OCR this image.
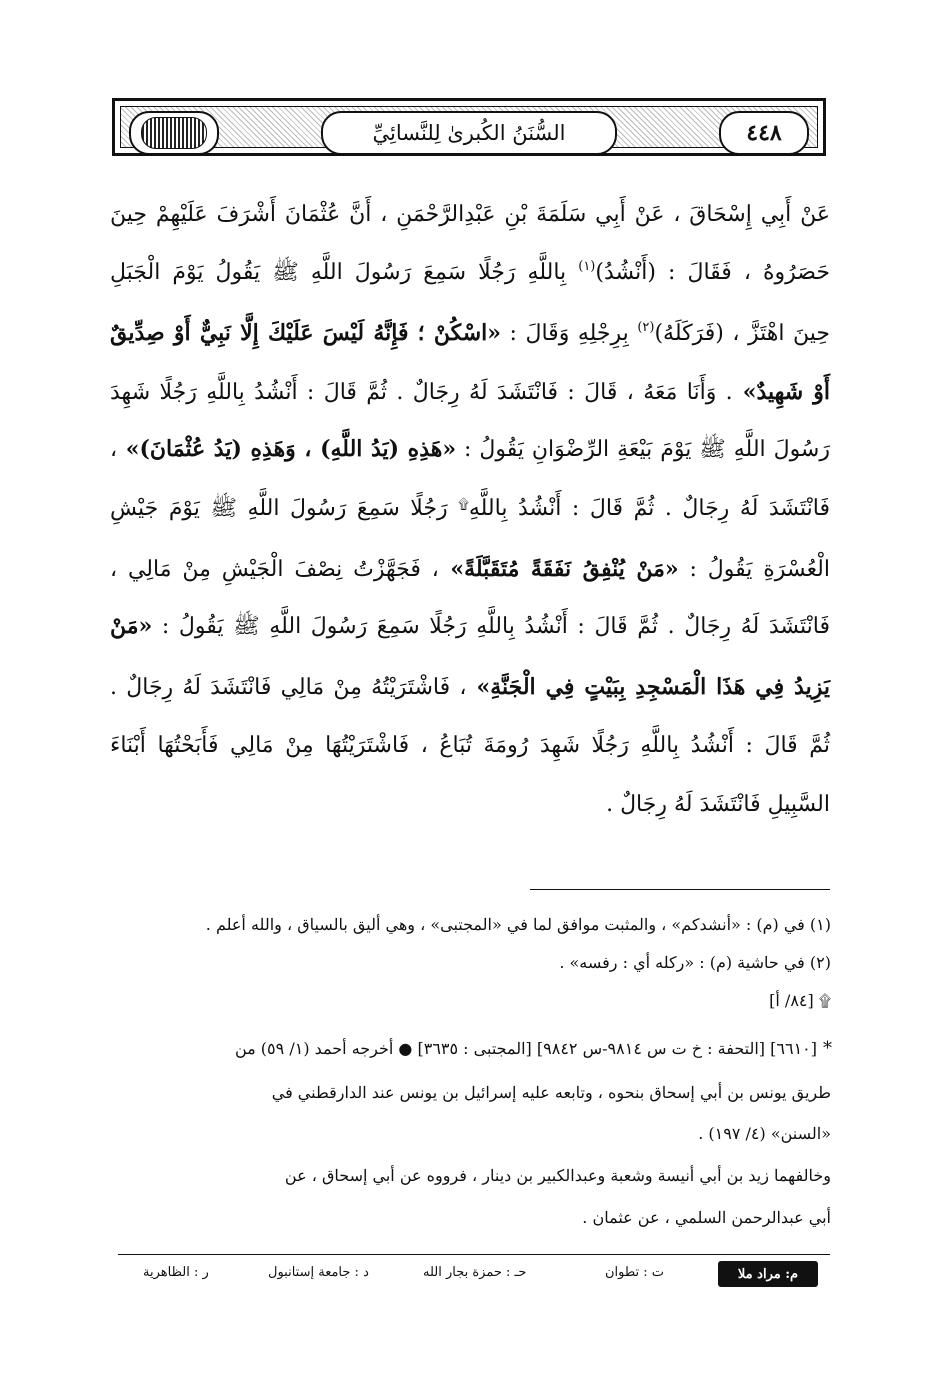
السُّنَنُ الكُبرىٰ لِلنَّسائِيِّ	٤٤٨
عَنْ أَبِي إِسْحَاقَ ، عَنْ أَبِي سَلَمَةَ بْنِ عَبْدِالرَّحْمَنِ ، أَنَّ عُثْمَانَ أَشْرَفَ عَلَيْهِمْ حِينَ
حَصَرُوهُ ، فَقَالَ : (أَنْشُدُ)$^{(١)}$ بِاللَّهِ رَجُلًا سَمِعَ رَسُولَ اللَّهِ ﷺ يَقُولُ يَوْمَ الْجَبَلِ
حِينَ اهْتَزَّ ، (فَرَكَلَهُ)$^{(٢)}$ بِرِجْلِهِ وَقَالَ : «اسْكُنْ ؛ فَإِنَّهُ لَيْسَ عَلَيْكَ إِلَّا نَبِيٌّ أَوْ صِدِّيقٌ
أَوْ شَهِيدٌ» . وَأَنَا مَعَهُ ، قَالَ : فَانْتَشَدَ لَهُ رِجَالٌ . ثُمَّ قَالَ : أَنْشُدُ بِاللَّهِ رَجُلًا شَهِدَ
رَسُولَ اللَّهِ ﷺ يَوْمَ بَيْعَةِ الرِّضْوَانِ يَقُولُ : «هَذِهِ (يَدُ اللَّهِ) ، وَهَذِهِ (يَدُ عُثْمَانَ)» ،
فَانْتَشَدَ لَهُ رِجَالٌ . ثُمَّ قَالَ : أَنْشُدُ بِاللَّهِ۩ رَجُلًا سَمِعَ رَسُولَ اللَّهِ ﷺ يَوْمَ جَيْشِ
الْعُسْرَةِ يَقُولُ : «مَنْ يُنْفِقُ نَفَقَةً مُتَقَبَّلَةً» ، فَجَهَّزْتُ نِصْفَ الْجَيْشِ مِنْ مَالِي ،
فَانْتَشَدَ لَهُ رِجَالٌ . ثُمَّ قَالَ : أَنْشُدُ بِاللَّهِ رَجُلًا سَمِعَ رَسُولَ اللَّهِ ﷺ يَقُولُ : «مَنْ
يَزِيدُ فِي هَذَا الْمَسْجِدِ بِبَيْتٍ فِي الْجَنَّةِ» ، فَاشْتَرَيْتُهُ مِنْ مَالِي فَانْتَشَدَ لَهُ رِجَالٌ .
ثُمَّ قَالَ : أَنْشُدُ بِاللَّهِ رَجُلًا شَهِدَ رُومَةَ تُبَاعُ ، فَاشْتَرَيْتُهَا مِنْ مَالِي فَأَبَحْتُهَا أَبْنَاءَ
السَّبِيلِ فَانْتَشَدَ لَهُ رِجَالٌ .
(١) في (م) : «أنشدكم» ، والمثبت موافق لما في «المجتبى» ، وهي أليق بالسياق ، والله أعلم .
(٢) في حاشية (م) : «ركله أي : رفسه» .
۩ [٨٤/ أ]
*[٦٦١٠] [التحفة : خ ت س ٩٨١٤-س ٩٨٤٢] [المجتبى : ٣٦٣٥] ● أخرجه أحمد (١/ ٥٩) من
طريق يونس بن أبي إسحاق بنحوه ، وتابعه عليه إسرائيل بن يونس عند الدارقطني في
«السنن» (٤/ ١٩٧) .
وخالفهما زيد بن أبي أنيسة وشعبة وعبدالكبير بن دينار ، فرووه عن أبي إسحاق ، عن
أبي عبدالرحمن السلمي ، عن عثمان .
م: مراد ملا
ت : تطوان
حـ : حمزة بجار الله
د : جامعة إستانبول
ر : الظاهرية
